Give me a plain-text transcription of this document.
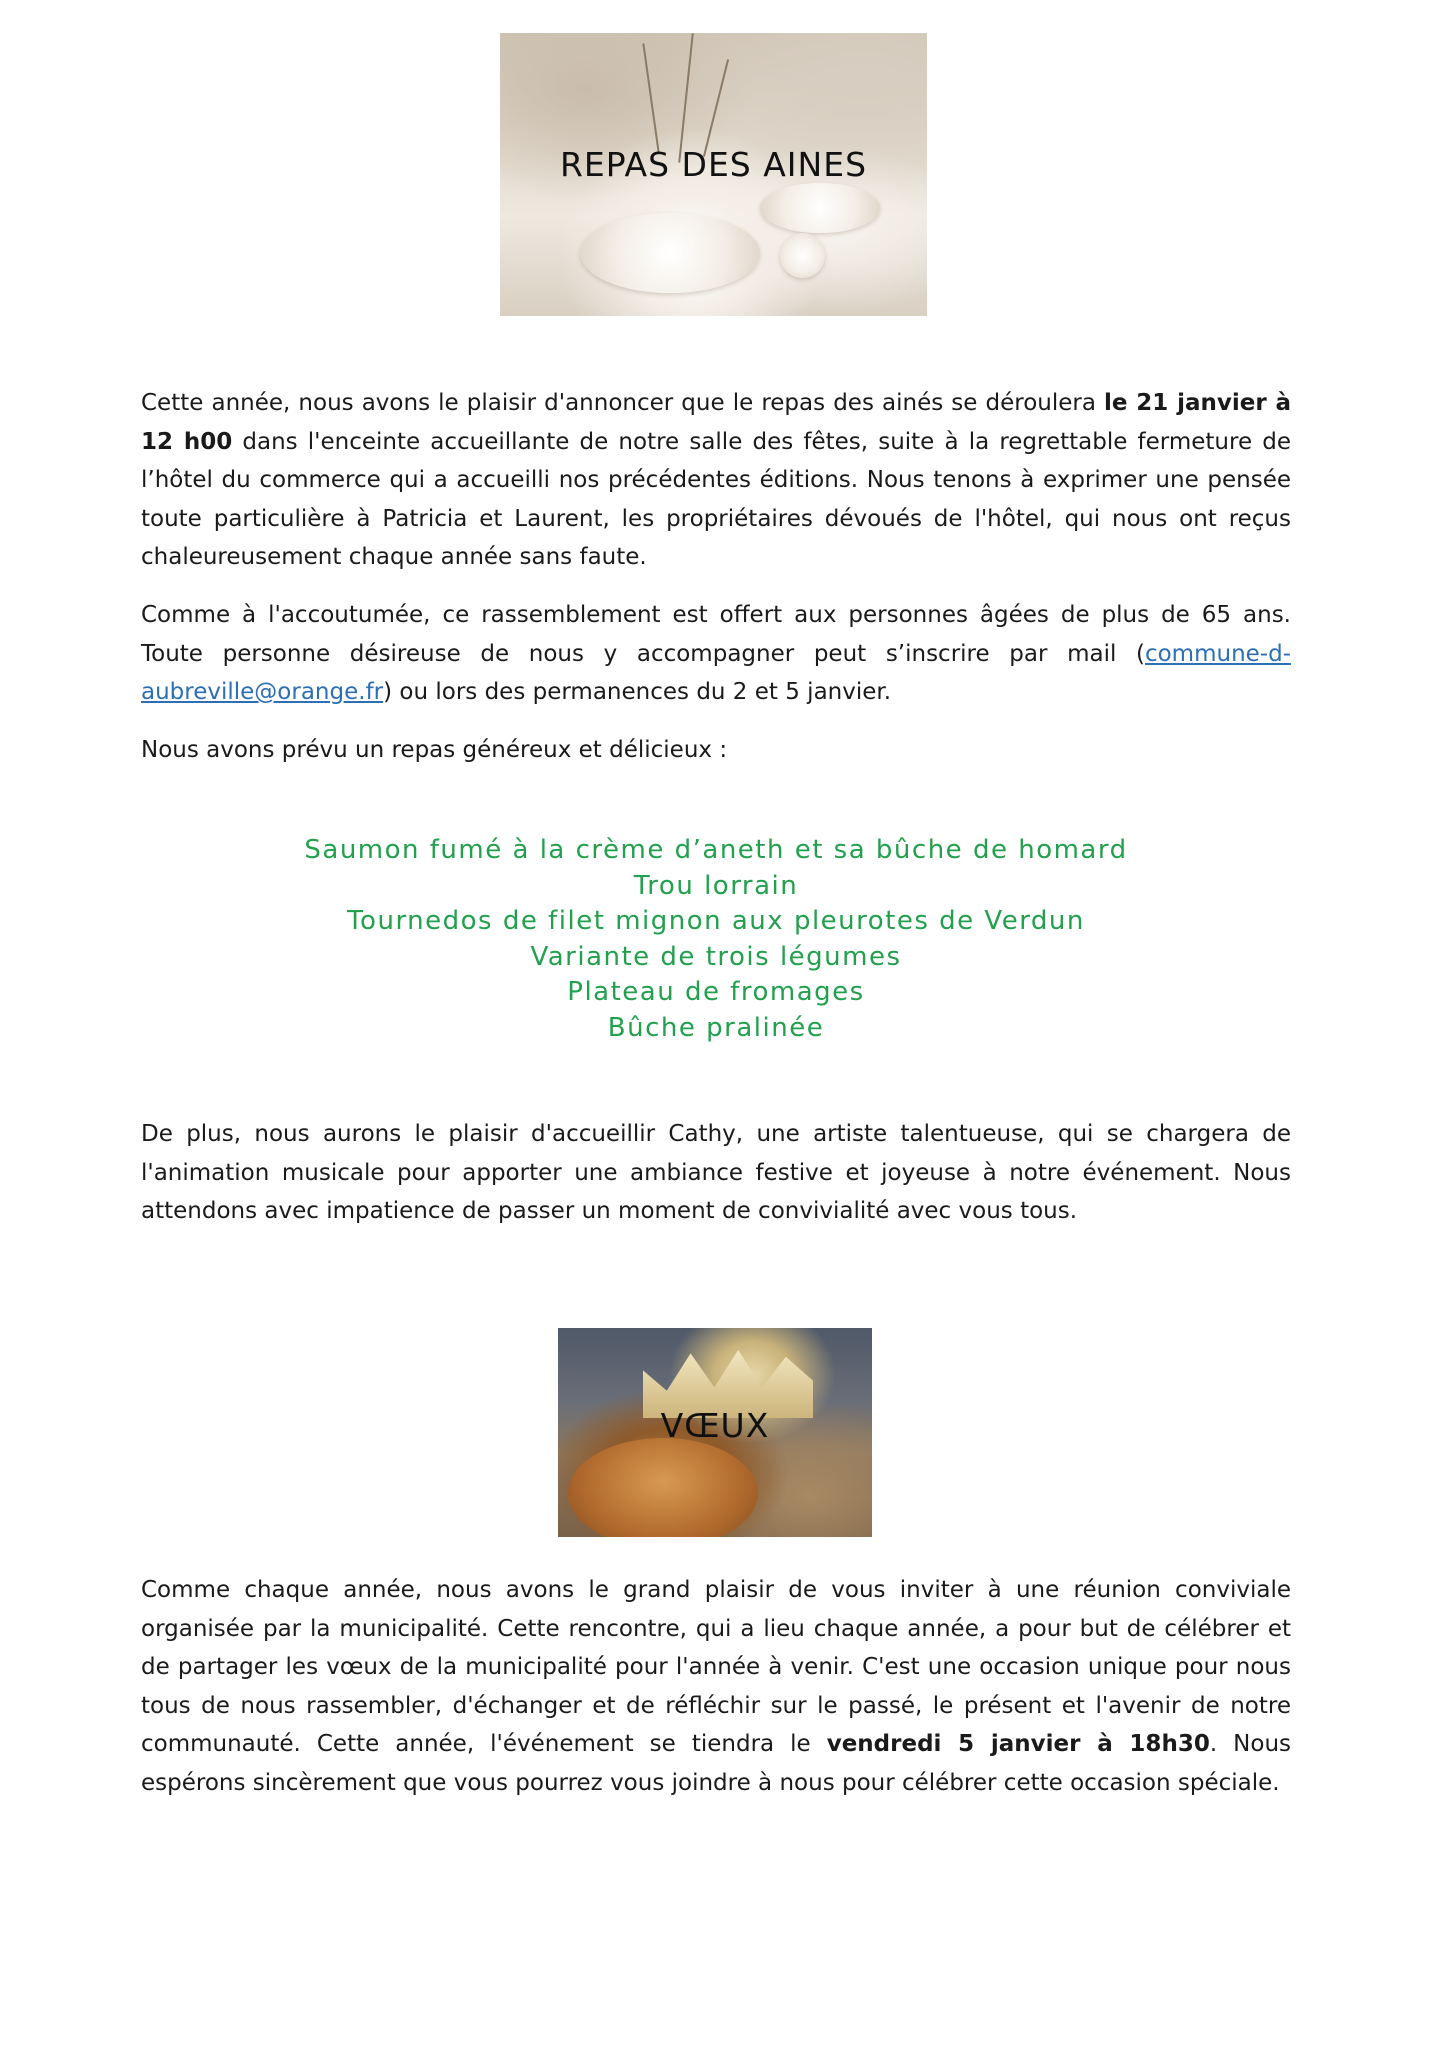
REPAS DES AINES

Cette année, nous avons le plaisir d'annoncer que le repas des ainés se déroulera le 21 janvier à 12 h00 dans l'enceinte accueillante de notre salle des fêtes, suite à la regrettable fermeture de l’hôtel du commerce qui a accueilli nos précédentes éditions. Nous tenons à exprimer une pensée toute particulière à Patricia et Laurent, les propriétaires dévoués de l'hôtel, qui nous ont reçus chaleureusement chaque année sans faute.

Comme à l'accoutumée, ce rassemblement est offert aux personnes âgées de plus de 65 ans. Toute personne désireuse de nous y accompagner peut s’inscrire par mail (commune-d-aubreville@orange.fr) ou lors des permanences du 2 et 5 janvier.

Nous avons prévu un repas généreux et délicieux :

Saumon fumé à la crème d’aneth et sa bûche de homard
Trou lorrain
Tournedos de filet mignon aux pleurotes de Verdun
Variante de trois légumes
Plateau de fromages
Bûche pralinée

De plus, nous aurons le plaisir d'accueillir Cathy, une artiste talentueuse, qui se chargera de l'animation musicale pour apporter une ambiance festive et joyeuse à notre événement. Nous attendons avec impatience de passer un moment de convivialité avec vous tous.

VŒUX

Comme chaque année, nous avons le grand plaisir de vous inviter à une réunion conviviale organisée par la municipalité. Cette rencontre, qui a lieu chaque année, a pour but de célébrer et de partager les vœux de la municipalité pour l'année à venir. C'est une occasion unique pour nous tous de nous rassembler, d'échanger et de réfléchir sur le passé, le présent et l'avenir de notre communauté. Cette année, l'événement se tiendra le vendredi 5 janvier à 18h30. Nous espérons sincèrement que vous pourrez vous joindre à nous pour célébrer cette occasion spéciale.
